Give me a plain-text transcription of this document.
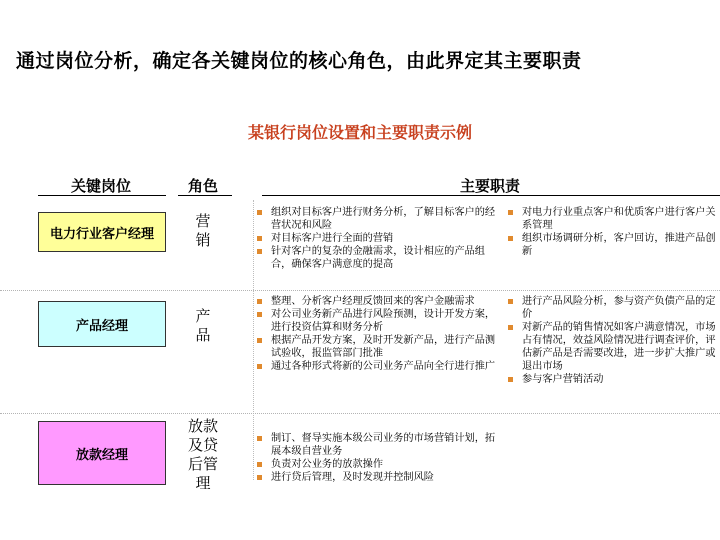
通过岗位分析，确定各关键岗位的核心角色，由此界定其主要职责
某银行岗位设置和主要职责示例
关键岗位	角色	主要职责
电力行业客户经理
营销
组织对目标客户进行财务分析，了解目标客户的经营状况和风险
对目标客户进行全面的营销
针对客户的复杂的金融需求，设计相应的产品组合，确保客户满意度的提高
对电力行业重点客户和优质客户进行客户关系管理
组织市场调研分析，客户回访，推进产品创新
产品经理
产品
整理、分析客户经理反馈回来的客户金融需求
对公司业务新产品进行风险预测，设计开发方案，进行投资估算和财务分析
根据产品开发方案，及时开发新产品，进行产品测试验收，报监管部门批准
通过各种形式将新的公司业务产品向全行进行推广
进行产品风险分析，参与资产负债产品的定价
对新产品的销售情况如客户满意情况，市场占有情况，效益风险情况进行调查评价，评估新产品是否需要改进，进一步扩大推广或退出市场
参与客户营销活动
放款经理
放款及贷后管理
制订、督导实施本级公司业务的市场营销计划，拓展本级自营业务
负责对公业务的放款操作
进行贷后管理，及时发现并控制风险
